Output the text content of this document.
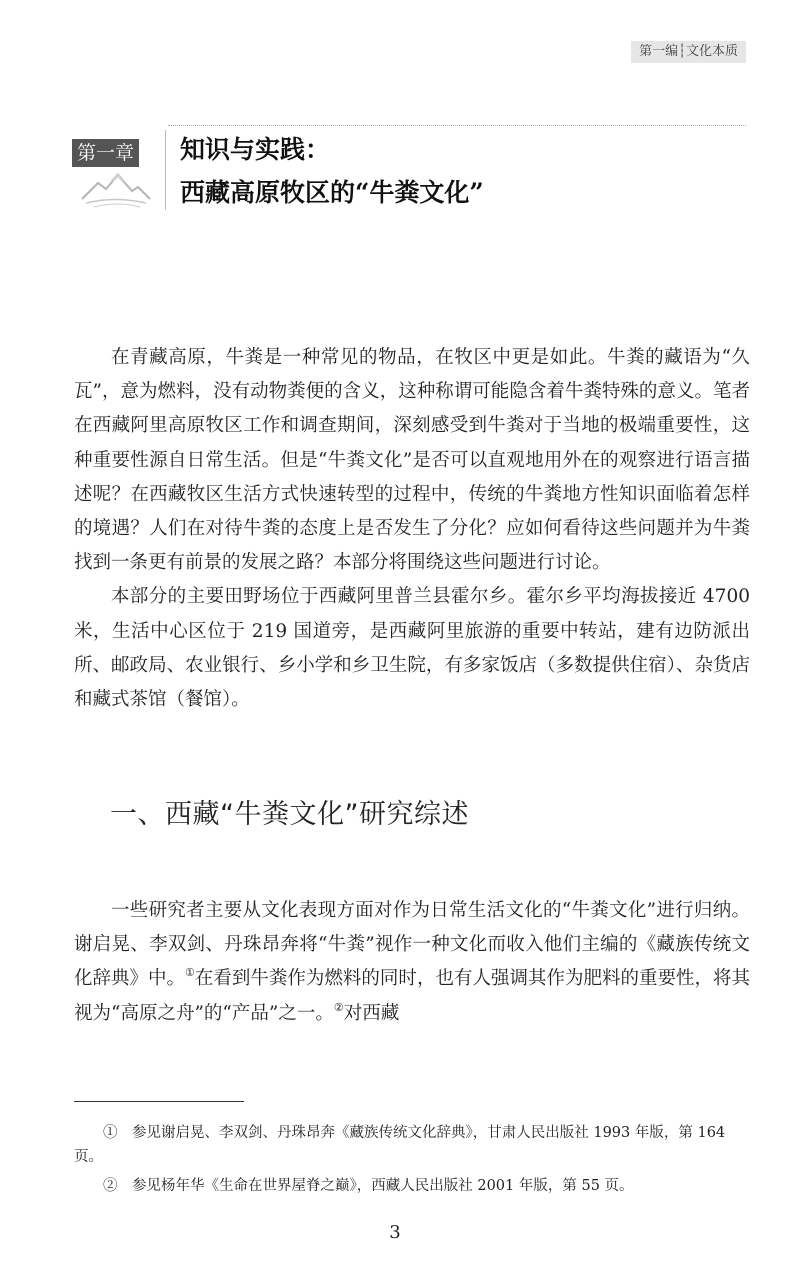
第一编┆文化本质
第一章 知识与实践：
西藏高原牧区的“牛粪文化”

在青藏高原，牛粪是一种常见的物品，在牧区中更是如此。牛粪的藏语为“久瓦”，意为燃料，没有动物粪便的含义，这种称谓可能隐含着牛粪特殊的意义。笔者在西藏阿里高原牧区工作和调查期间，深刻感受到牛粪对于当地的极端重要性，这种重要性源自日常生活。但是“牛粪文化”是否可以直观地用外在的观察进行语言描述呢？在西藏牧区生活方式快速转型的过程中，传统的牛粪地方性知识面临着怎样的境遇？人们在对待牛粪的态度上是否发生了分化？应如何看待这些问题并为牛粪找到一条更有前景的发展之路？本部分将围绕这些问题进行讨论。

本部分的主要田野场位于西藏阿里普兰县霍尔乡。霍尔乡平均海拔接近 4700 米，生活中心区位于 219 国道旁，是西藏阿里旅游的重要中转站，建有边防派出所、邮政局、农业银行、乡小学和乡卫生院，有多家饭店（多数提供住宿）、杂货店和藏式茶馆（餐馆）。

一、西藏“牛粪文化”研究综述

一些研究者主要从文化表现方面对作为日常生活文化的“牛粪文化”进行归纳。谢启晃、李双剑、丹珠昂奔将“牛粪”视作一种文化而收入他们主编的《藏族传统文化辞典》中。①在看到牛粪作为燃料的同时，也有人强调其作为肥料的重要性，将其视为“高原之舟”的“产品”之一。②对西藏

①　参见谢启晃、李双剑、丹珠昂奔《藏族传统文化辞典》，甘肃人民出版社 1993 年版，第 164 页。

②　参见杨年华《生命在世界屋脊之巅》，西藏人民出版社 2001 年版，第 55 页。

3
